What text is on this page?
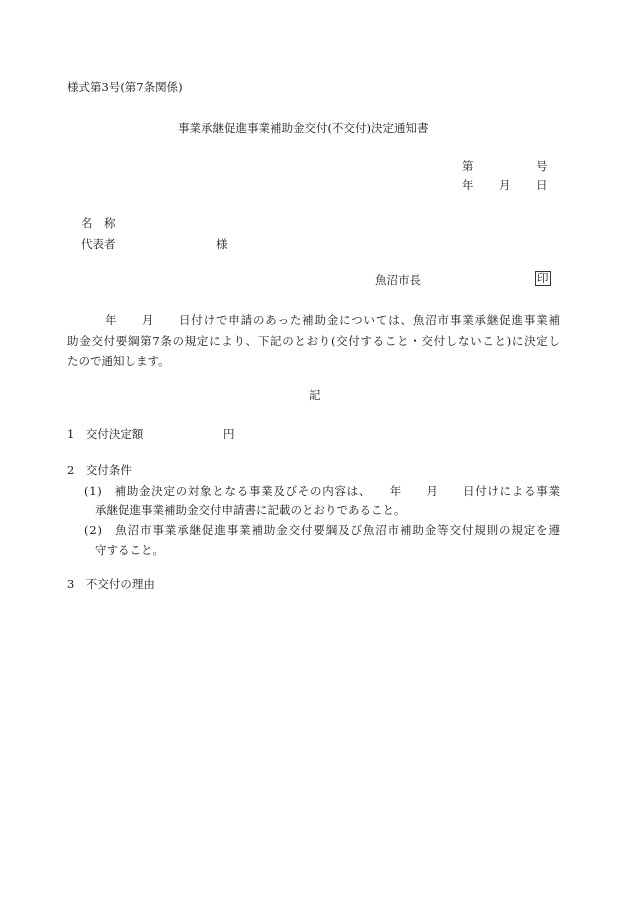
様式第3号(第7条関係)
事業承継促進事業補助金交付(不交付)決定通知書
第	号
年 月 日
名　称
代表者	様
魚沼市長	印
年　　月　　日付けで申請のあった補助金については、魚沼市事業承継促進事業補
助金交付要綱第7条の規定により、下記のとおり(交付すること・交付しないこと)に決定し
たので通知します。
記
1　交付決定額	円
2　交付条件
(1)　補助金決定の対象となる事業及びその内容は、　　年　　月　　日付けによる事業
承継促進事業補助金交付申請書に記載のとおりであること。
(2)　魚沼市事業承継促進事業補助金交付要綱及び魚沼市補助金等交付規則の規定を遵
守すること。
3　不交付の理由
